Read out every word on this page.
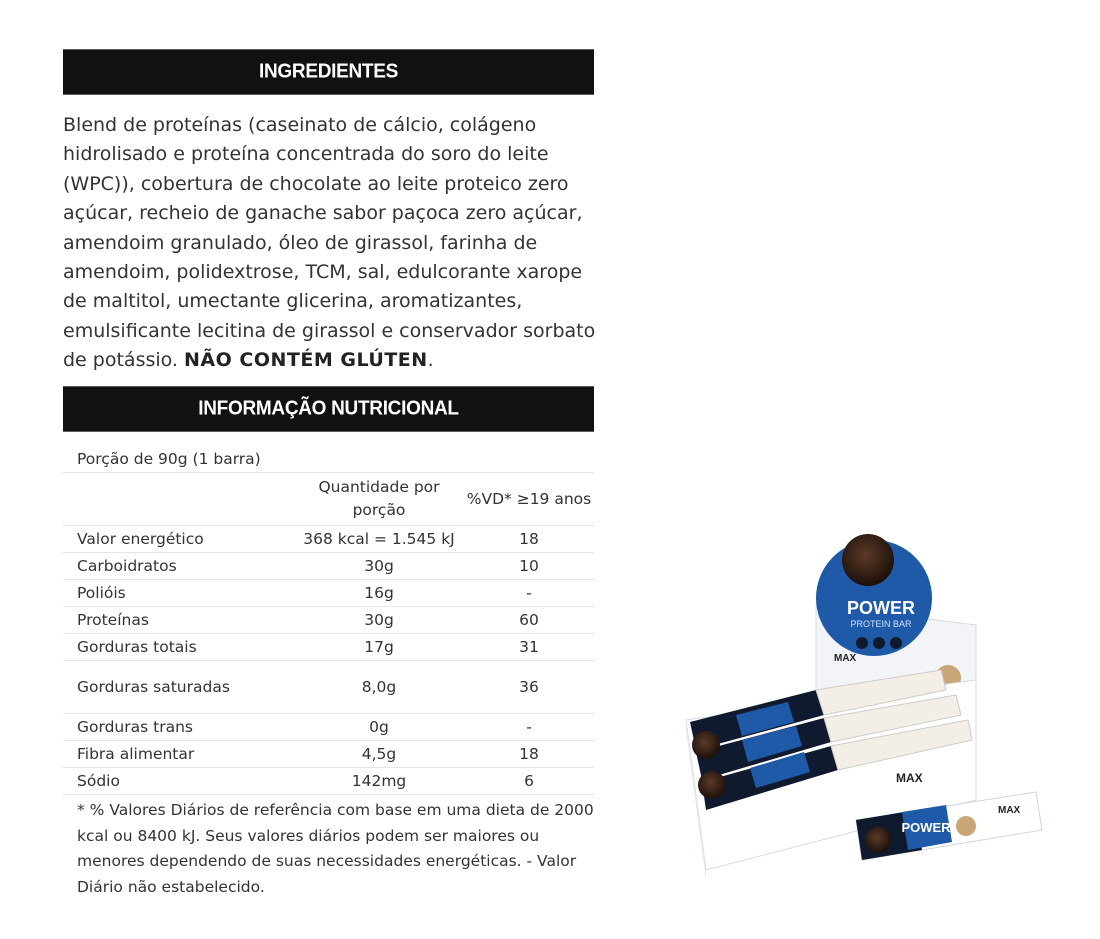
INGREDIENTES
Blend de proteínas (caseinato de cálcio, colágeno hidrolisado e proteína concentrada do soro do leite (WPC)), cobertura de chocolate ao leite proteico zero açúcar, recheio de ganache sabor paçoca zero açúcar, amendoim granulado, óleo de girassol, farinha de amendoim, polidextrose, TCM, sal, edulcorante xarope de maltitol, umectante glicerina, aromatizantes, emulsificante lecitina de girassol e conservador sorbato de potássio. NÃO CONTÉM GLÚTEN.
INFORMAÇÃO NUTRICIONAL
Porção de 90g (1 barra)		
	Quantidade por porção	%VD* ≥19 anos
Valor energético	368 kcal = 1.545 kJ	18
Carboidratos	30g	10
Polióis	16g	-
Proteínas	30g	60
Gorduras totais	17g	31
Gorduras saturadas	8,0g	36
Gorduras trans	0g	-
Fibra alimentar	4,5g	18
Sódio	142mg	6
* % Valores Diários de referência com base em uma dieta de 2000 kcal ou 8400 kJ. Seus valores diários podem ser maiores ou menores dependendo de suas necessidades energéticas. - Valor Diário não estabelecido.		
POWER
PROTEIN BAR
MAX
MAX
POWER
MAX
